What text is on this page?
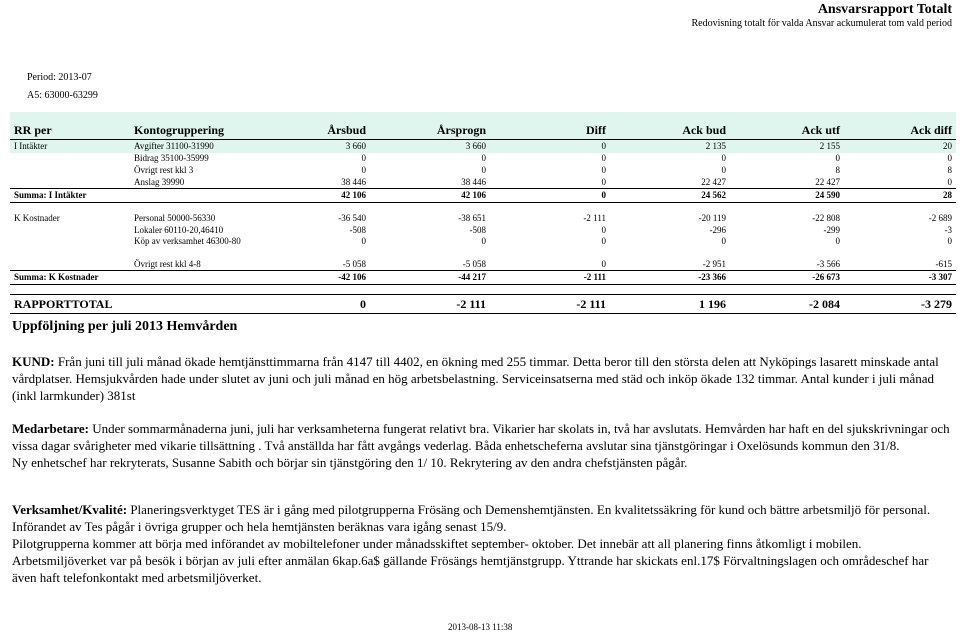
Ansvarsrapport Totalt
Redovisning totalt för valda Ansvar ackumulerat tom vald period
Period: 2013-07
A5: 63000-63299
RR per	Kontogruppering	Årsbud	Årsprogn	Diff	Ack bud	Ack utf	Ack diff
I Intäkter	Avgifter 31100-31990	3 660	3 660	0	2 135	2 155	20
	Bidrag 35100-35999	0	0	0	0	0	0
	Övrigt rest kkl 3	0	0	0	0	8	8
	Anslag 39990	38 446	38 446	0	22 427	22 427	0
Summa: I Intäkter		42 106	42 106	0	24 562	24 590	28

K Kostnader	Personal 50000-56330	-36 540	-38 651	-2 111	-20 119	-22 808	-2 689
	Lokaler 60110-20,46410	-508	-508	0	-296	-299	-3
	Köp av verksamhet 46300-80	0	0	0	0	0	0
	Övrigt rest kkl 4-8	-5 058	-5 058	0	-2 951	-3 566	-615
Summa: K Kostnader		-42 106	-44 217	-2 111	-23 366	-26 673	-3 307

RAPPORTTOTAL		0	-2 111	-2 111	1 196	-2 084	-3 279
Uppföljning per juli 2013 Hemvården

KUND: Från juni till juli månad ökade hemtjänsttimmarna från 4147 till 4402, en ökning med 255 timmar. Detta beror till den största delen att Nyköpings lasarett minskade antal vårdplatser. Hemsjukvården hade under slutet av juni och juli månad en hög arbetsbelastning. Serviceinsatserna med städ och inköp ökade 132 timmar. Antal kunder i juli månad (inkl larmkunder) 381st

Medarbetare: Under sommarmånaderna juni, juli har verksamheterna fungerat relativt bra. Vikarier har skolats in, två har avslutats. Hemvården har haft en del sjukskrivningar och vissa dagar svårigheter med vikarie tillsättning . Två anställda har fått avgångs vederlag. Båda enhetscheferna avslutar sina tjänstgöringar i Oxelösunds kommun den 31/8.

Ny enhetschef har rekryterats, Susanne Sabith och börjar sin tjänstgöring den 1/ 10. Rekrytering av den andra chefstjänsten pågår.

Verksamhet/Kvalité: Planeringsverktyget TES är i gång med pilotgrupperna Frösäng och Demenshemtjänsten. En kvalitetssäkring för kund och bättre arbetsmiljö för personal. Införandet av Tes pågår i övriga grupper och hela hemtjänsten beräknas vara igång senast 15/9.

Pilotgrupperna kommer att börja med införandet av mobiltelefoner under månadsskiftet september- oktober. Det innebär att all planering finns åtkomligt i mobilen.

Arbetsmiljöverket var på besök i början av juli efter anmälan 6kap.6a$ gällande Frösängs hemtjänstgrupp. Yttrande har skickats enl.17$ Förvaltningslagen och områdeschef har även haft telefonkontakt med arbetsmiljöverket.

2013-08-13 11:38
